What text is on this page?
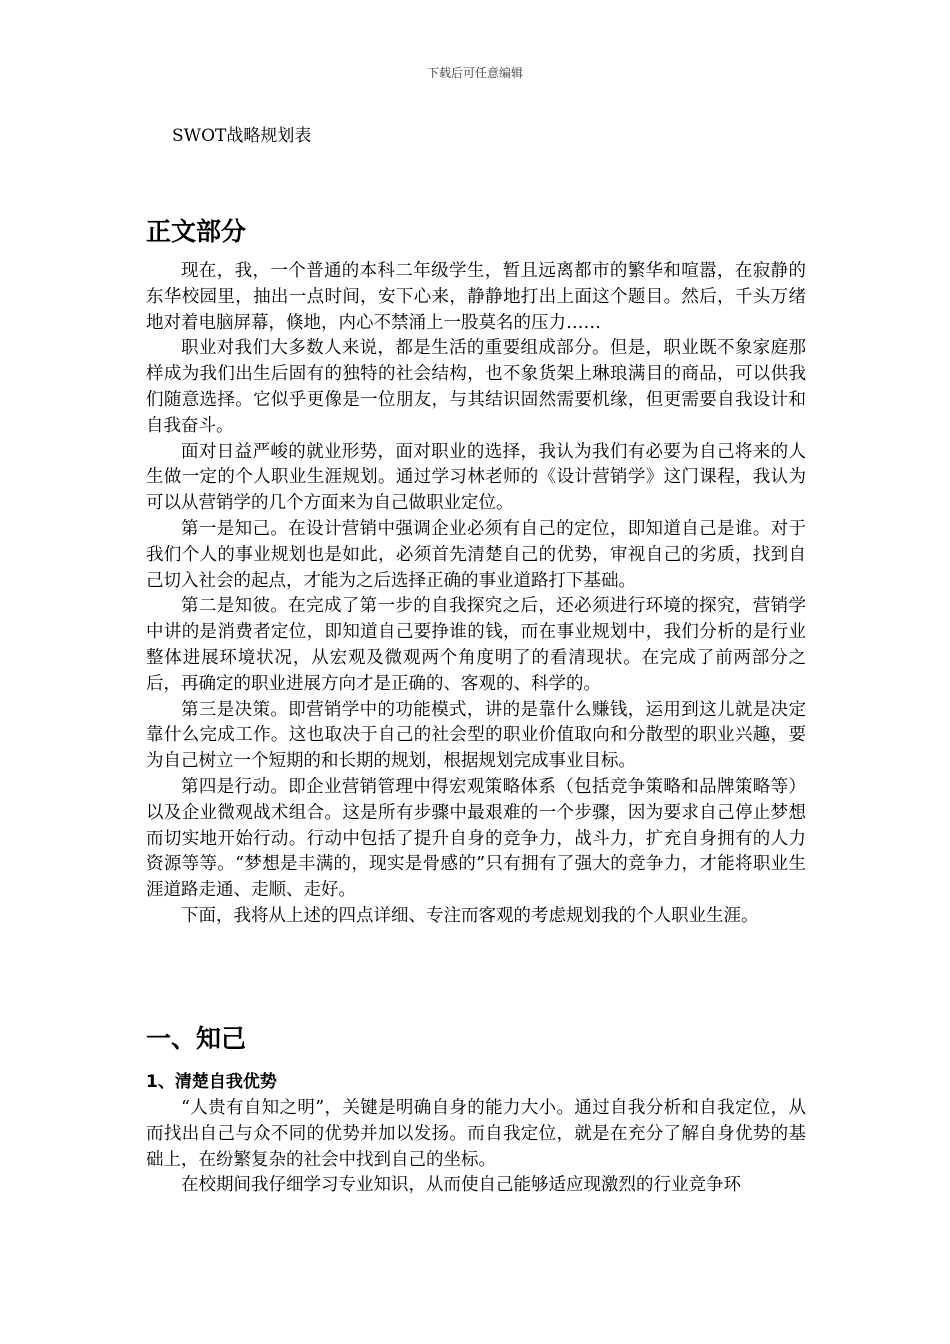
下载后可任意编辑
SWOT战略规划表
正文部分

现在，我，一个普通的本科二年级学生，暂且远离都市的繁华和喧嚣，在寂静的东华校园里，抽出一点时间，安下心来，静静地打出上面这个题目。然后，千头万绪地对着电脑屏幕，倏地，内心不禁涌上一股莫名的压力……

职业对我们大多数人来说，都是生活的重要组成部分。但是，职业既不象家庭那样成为我们出生后固有的独特的社会结构，也不象货架上琳琅满目的商品，可以供我们随意选择。它似乎更像是一位朋友，与其结识固然需要机缘，但更需要自我设计和自我奋斗。

面对日益严峻的就业形势，面对职业的选择，我认为我们有必要为自己将来的人生做一定的个人职业生涯规划。通过学习林老师的《设计营销学》这门课程，我认为可以从营销学的几个方面来为自己做职业定位。

第一是知己。在设计营销中强调企业必须有自己的定位，即知道自己是谁。对于我们个人的事业规划也是如此，必须首先清楚自己的优势，审视自己的劣质，找到自己切入社会的起点，才能为之后选择正确的事业道路打下基础。

第二是知彼。在完成了第一步的自我探究之后，还必须进行环境的探究，营销学中讲的是消费者定位，即知道自己要挣谁的钱，而在事业规划中，我们分析的是行业整体进展环境状况，从宏观及微观两个角度明了的看清现状。在完成了前两部分之后，再确定的职业进展方向才是正确的、客观的、科学的。

第三是决策。即营销学中的功能模式，讲的是靠什么赚钱，运用到这儿就是决定靠什么完成工作。这也取决于自己的社会型的职业价值取向和分散型的职业兴趣，要为自己树立一个短期的和长期的规划，根据规划完成事业目标。

第四是行动。即企业营销管理中得宏观策略体系（包括竞争策略和品牌策略等）以及企业微观战术组合。这是所有步骤中最艰难的一个步骤，因为要求自己停止梦想而切实地开始行动。行动中包括了提升自身的竞争力，战斗力，扩充自身拥有的人力资源等等。“梦想是丰满的，现实是骨感的”只有拥有了强大的竞争力，才能将职业生涯道路走通、走顺、走好。

下面，我将从上述的四点详细、专注而客观的考虑规划我的个人职业生涯。

一、知己
1、清楚自我优势

“人贵有自知之明”，关键是明确自身的能力大小。通过自我分析和自我定位，从而找出自己与众不同的优势并加以发扬。而自我定位，就是在充分了解自身优势的基础上，在纷繁复杂的社会中找到自己的坐标。

在校期间我仔细学习专业知识，从而使自己能够适应现激烈的行业竞争环
